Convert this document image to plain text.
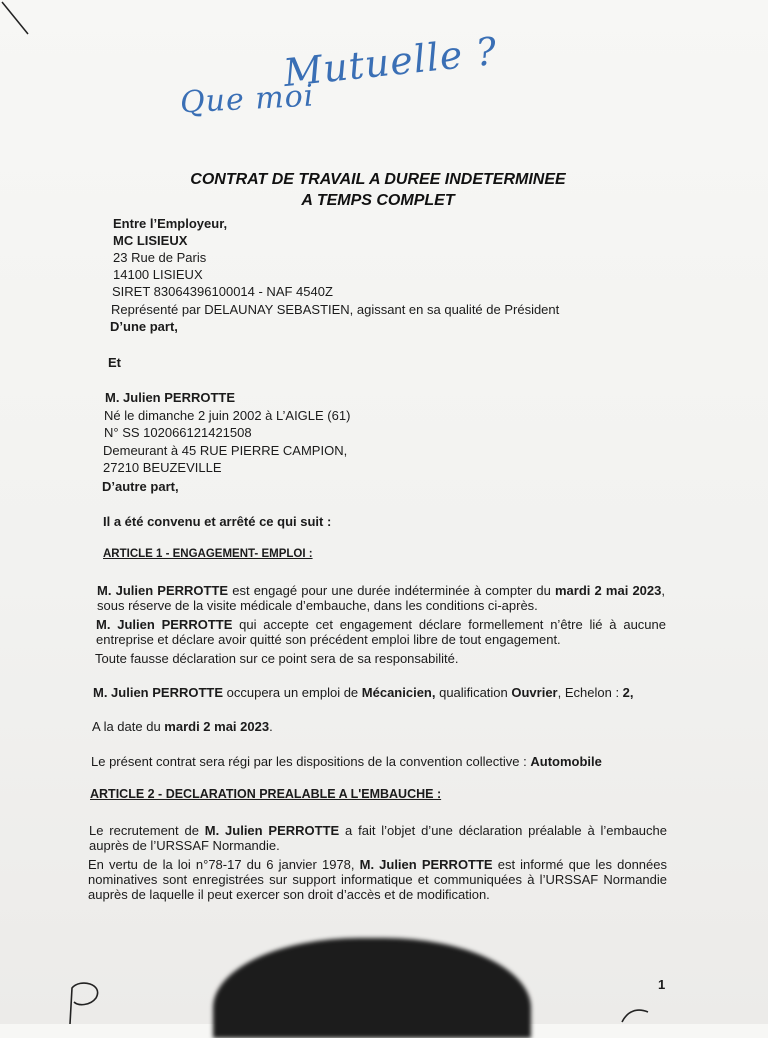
Mutuelle ?
Que moi
CONTRAT DE TRAVAIL A DUREE INDETERMINEE
A TEMPS COMPLET
Entre l’Employeur,
MC LISIEUX
23 Rue de Paris
14100 LISIEUX
SIRET 83064396100014 - NAF 4540Z
Représenté par DELAUNAY SEBASTIEN, agissant en sa qualité de Président
D’une part,
Et
M. Julien PERROTTE
Né le dimanche 2 juin 2002 à L’AIGLE (61)
N° SS 102066121421508
Demeurant à 45 RUE PIERRE CAMPION,
27210 BEUZEVILLE
D’autre part,
Il a été convenu et arrêté ce qui suit :
ARTICLE 1 - ENGAGEMENT- EMPLOI :
M. Julien PERROTTE est engagé pour une durée indéterminée à compter du mardi 2 mai 2023, sous réserve de la visite médicale d’embauche, dans les conditions ci-après.
M. Julien PERROTTE qui accepte cet engagement déclare formellement n’être lié à aucune entreprise et déclare avoir quitté son précédent emploi libre de tout engagement.
Toute fausse déclaration sur ce point sera de sa responsabilité.
M. Julien PERROTTE occupera un emploi de Mécanicien, qualification Ouvrier, Echelon : 2,
A la date du mardi 2 mai 2023.
Le présent contrat sera régi par les dispositions de la convention collective : Automobile
ARTICLE 2 - DECLARATION PREALABLE A L'EMBAUCHE :
Le recrutement de M. Julien PERROTTE a fait l’objet d’une déclaration préalable à l’embauche auprès de l’URSSAF Normandie.
En vertu de la loi n°78-17 du 6 janvier 1978, M. Julien PERROTTE est informé que les données nominatives sont enregistrées sur support informatique et communiquées à l’URSSAF Normandie auprès de laquelle il peut exercer son droit d’accès et de modification.
1
